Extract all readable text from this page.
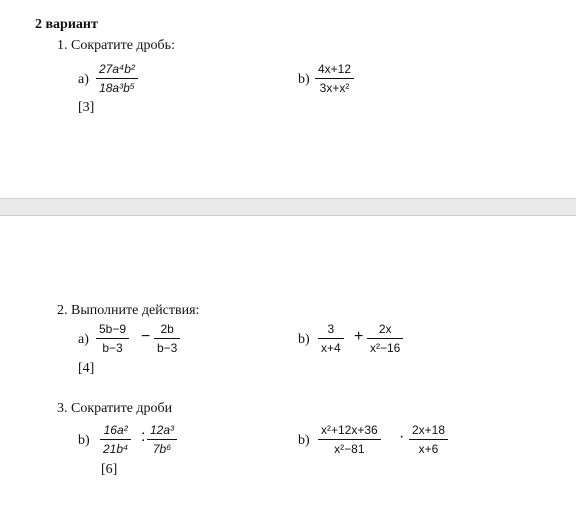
2 вариант
1. Сократите дробь:
a)
27a⁴b²
18a³b⁵
b)
4x+12
3x+x²
[3]
2. Выполните действия:
a)
5b−9
b−3
− 2b
b−3
b)
3
x+4
+ 2x
x²−16
[4]
3. Сократите дроби
b)
16a²
21b⁴
: 12a³
7b⁶
b)
x²+12x+36
x²−81
· 2x+18
x+6
[6]
